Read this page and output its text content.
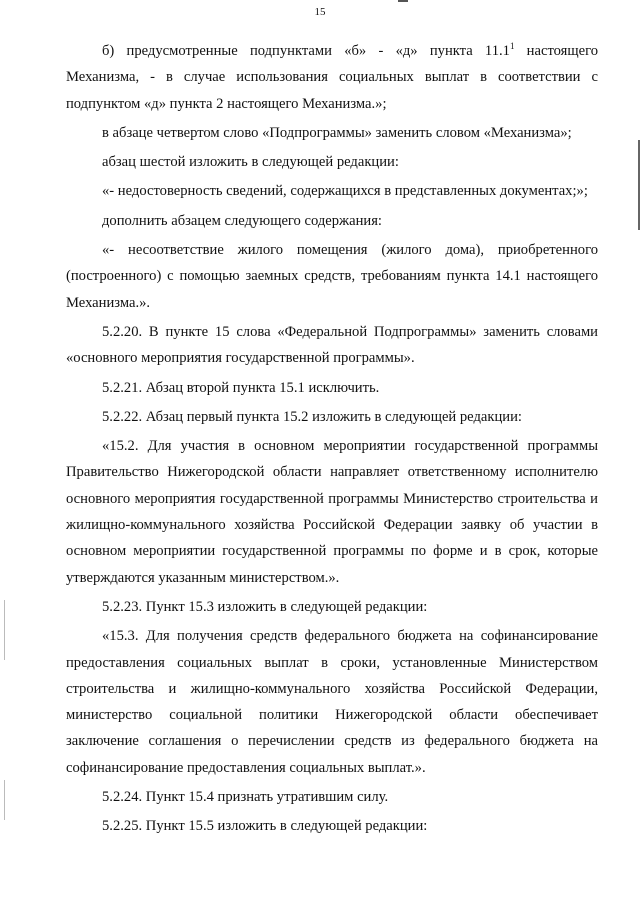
15

б) предусмотренные подпунктами «б» - «д» пункта 11.1$^1$ настоящего Механизма, - в случае использования социальных выплат в соответствии с подпунктом «д» пункта 2 настоящего Механизма.»;

в абзаце четвертом слово «Подпрограммы» заменить словом «Механизма»;

абзац шестой изложить в следующей редакции:

«- недостоверность сведений, содержащихся в представленных документах;»;

дополнить абзацем следующего содержания:

«- несоответствие жилого помещения (жилого дома), приобретенного (построенного) с помощью заемных средств, требованиям пункта 14.1 настоящего Механизма.».

5.2.20. В пункте 15 слова «Федеральной Подпрограммы» заменить словами «основного мероприятия государственной программы».

5.2.21. Абзац второй пункта 15.1 исключить.

5.2.22. Абзац первый пункта 15.2 изложить в следующей редакции:

«15.2. Для участия в основном мероприятии государственной программы Правительство Нижегородской области направляет ответственному исполнителю основного мероприятия государственной программы Министерство строительства и жилищно-коммунального хозяйства Российской Федерации заявку об участии в основном мероприятии государственной программы по форме и в срок, которые утверждаются указанным министерством.».

5.2.23. Пункт 15.3 изложить в следующей редакции:

«15.3. Для получения средств федерального бюджета на софинансирование предоставления социальных выплат в сроки, установленные Министерством строительства и жилищно-коммунального хозяйства Российской Федерации, министерство социальной политики Нижегородской области обеспечивает заключение соглашения о перечислении средств из федерального бюджета на софинансирование предоставления социальных выплат.».

5.2.24. Пункт 15.4 признать утратившим силу.

5.2.25. Пункт 15.5 изложить в следующей редакции:
